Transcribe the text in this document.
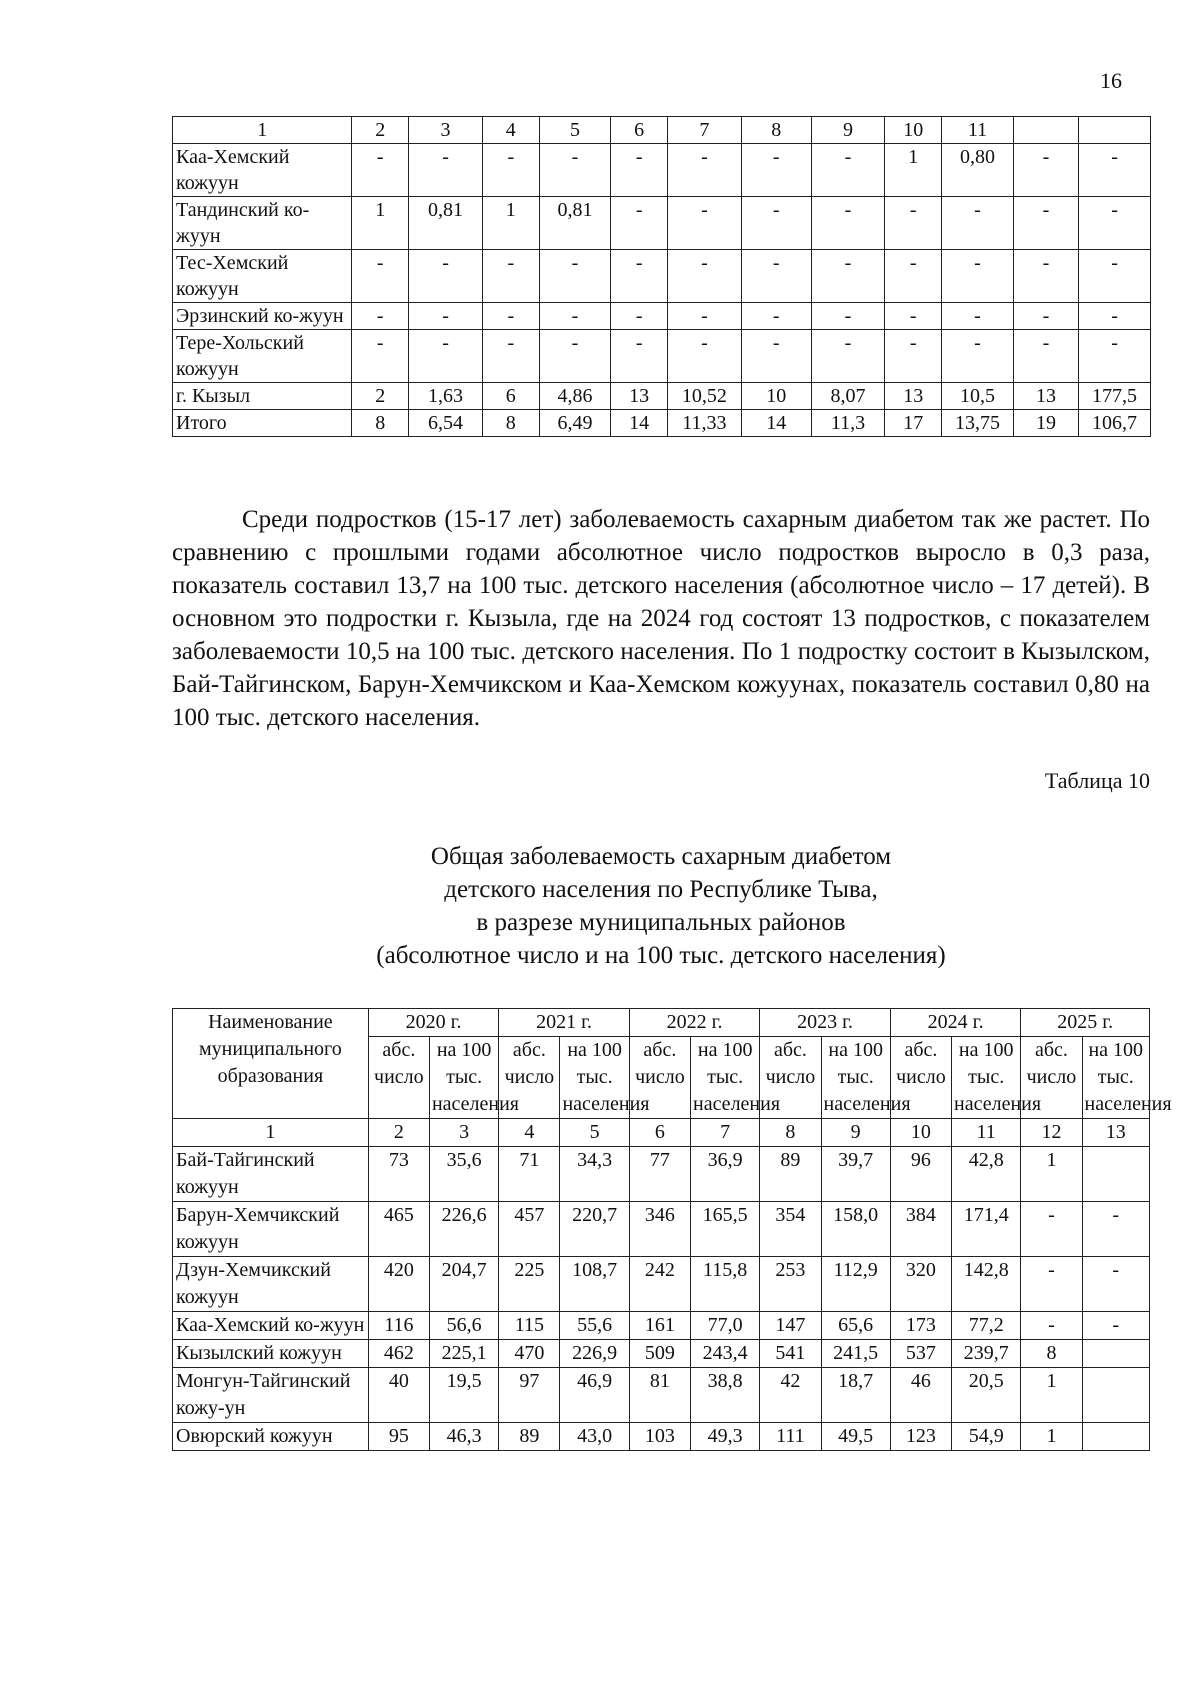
16
1	2	3	4	5	6	7	8	9	10	11		
Каа-Хемский кожуун	-	-	-	-	-	-	-	-	1	0,80	-	-
Тандинский ко-жуун	1	0,81	1	0,81	-	-	-	-	-	-	-	-
Тес-Хемский кожуун	-	-	-	-	-	-	-	-	-	-	-	-
Эрзинский ко-жуун	-	-	-	-	-	-	-	-	-	-	-	-
Тере-Хольский кожуун	-	-	-	-	-	-	-	-	-	-	-	-
г. Кызыл	2	1,63	6	4,86	13	10,52	10	8,07	13	10,5	13	177,5
Итого	8	6,54	8	6,49	14	11,33	14	11,3	17	13,75	19	106,7
Среди подростков (15-17 лет) заболеваемость сахарным диабетом так же растет. По сравнению с прошлыми годами абсолютное число подростков выросло в 0,3 раза, показатель составил 13,7 на 100 тыс. детского населения (абсолютное число – 17 детей). В основном это подростки г. Кызыла, где на 2024 год состоят 13 подростков, с показателем заболеваемости 10,5 на 100 тыс. детского населения. По 1 подростку состоит в Кызылском, Бай-Тайгинском, Барун-Хемчикском и Каа-Хемском кожуунах, показатель составил 0,80 на 100 тыс. детского населения.
Таблица 10
Общая заболеваемость сахарным диабетом
детского населения по Республике Тыва,
в разрезе муниципальных районов
(абсолютное число и на 100 тыс. детского населения)
Наименование муниципального образования	2020 г.		2021 г.		2022 г.		2023 г.		2024 г.		2025 г.	
	абс. число	на 100 тыс. населения	абс. число	на 100 тыс. населения	абс. число	на 100 тыс. населения	абс. число	на 100 тыс. населения	абс. число	на 100 тыс. населения	абс. число	на 100 тыс. населения
1	2	3	4	5	6	7	8	9	10	11	12	13
Бай-Тайгинский кожуун	73	35,6	71	34,3	77	36,9	89	39,7	96	42,8	1	
Барун-Хемчикский кожуун	465	226,6	457	220,7	346	165,5	354	158,0	384	171,4	-	-
Дзун-Хемчикский кожуун	420	204,7	225	108,7	242	115,8	253	112,9	320	142,8	-	-
Каа-Хемский ко-жуун	116	56,6	115	55,6	161	77,0	147	65,6	173	77,2	-	-
Кызылский кожуун	462	225,1	470	226,9	509	243,4	541	241,5	537	239,7	8	
Монгун-Тайгинский кожу-ун	40	19,5	97	46,9	81	38,8	42	18,7	46	20,5	1	
Овюрский кожуун	95	46,3	89	43,0	103	49,3	111	49,5	123	54,9	1	
